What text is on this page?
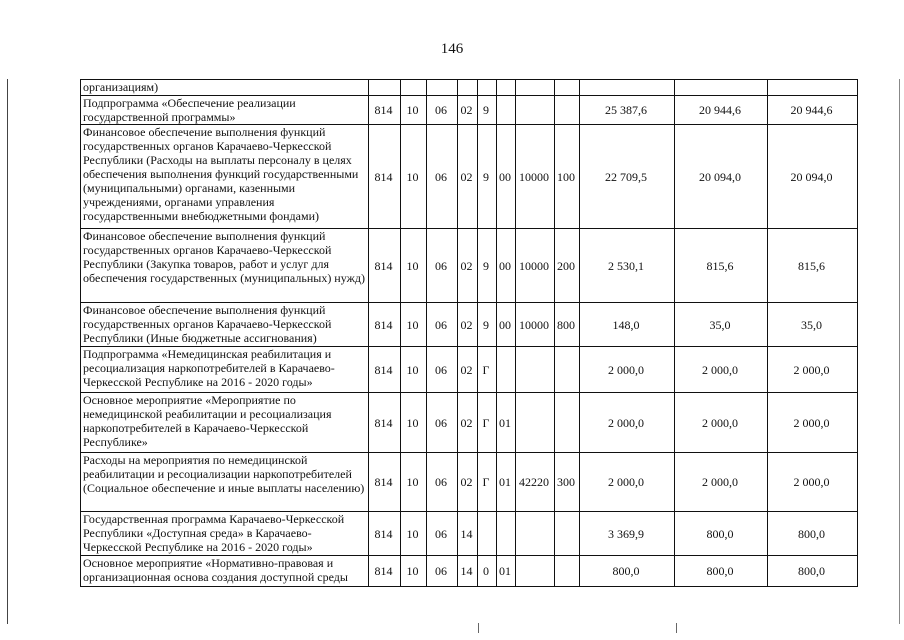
146
организациям)											
Подпрограмма «Обеспечение реализации государственной программы»	814	10	06	02	9				25 387,6	20 944,6	20 944,6
Финансовое обеспечение выполнения функций государственных органов Карачаево-Черкесской Республики (Расходы на выплаты персоналу в целях обеспечения выполнения функций государственными (муниципальными) органами, казенными учреждениями, органами управления государственными внебюджетными фондами)	814	10	06	02	9	00	10000	100	22 709,5	20 094,0	20 094,0
Финансовое обеспечение выполнения функций государственных органов Карачаево-Черкесской Республики (Закупка товаров, работ и услуг для обеспечения государственных (муниципальных) нужд)	814	10	06	02	9	00	10000	200	2 530,1	815,6	815,6
Финансовое обеспечение выполнения функций государственных органов Карачаево-Черкесской Республики (Иные бюджетные ассигнования)	814	10	06	02	9	00	10000	800	148,0	35,0	35,0
Подпрограмма «Немедицинская реабилитация и ресоциализация наркопотребителей в Карачаево-Черкесской Республике на 2016 - 2020 годы»	814	10	06	02	Г				2 000,0	2 000,0	2 000,0
Основное мероприятие «Мероприятие по немедицинской реабилитации и ресоциализация наркопотребителей в Карачаево-Черкесской Республике»	814	10	06	02	Г	01			2 000,0	2 000,0	2 000,0
Расходы на мероприятия по немедицинской реабилитации и ресоциализации наркопотребителей (Социальное обеспечение и иные выплаты населению)	814	10	06	02	Г	01	42220	300	2 000,0	2 000,0	2 000,0
Государственная программа Карачаево-Черкесской Республики «Доступная среда» в Карачаево-Черкесской Республике на 2016 - 2020 годы»	814	10	06	14					3 369,9	800,0	800,0
Основное мероприятие «Нормативно-правовая и организационная основа создания доступной среды	814	10	06	14	0	01			800,0	800,0	800,0
